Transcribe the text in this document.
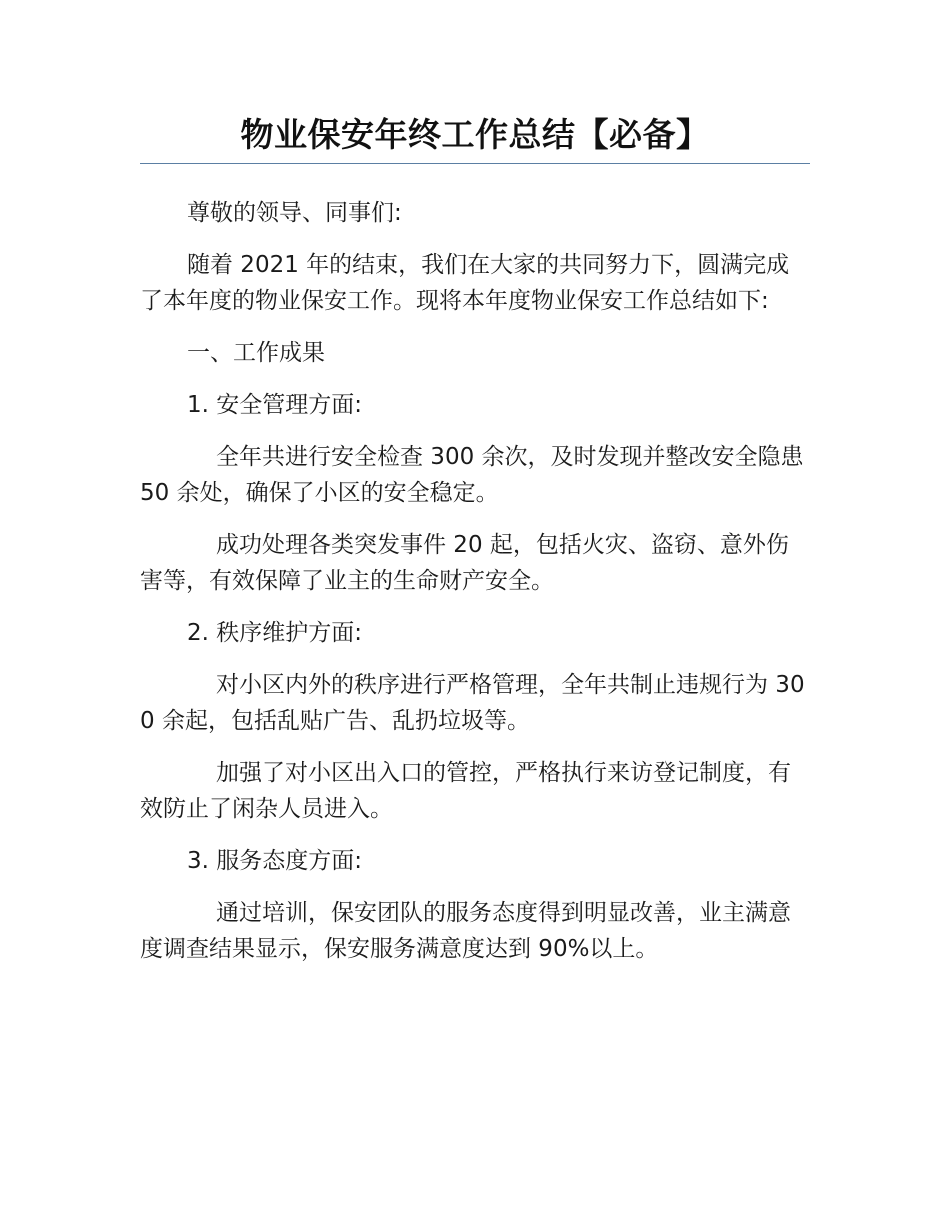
物业保安年终工作总结【必备】

尊敬的领导、同事们:

随着 2021 年的结束，我们在大家的共同努力下，圆满完成了本年度的物业保安工作。现将本年度物业保安工作总结如下:

一、工作成果

1. 安全管理方面:

全年共进行安全检查 300 余次，及时发现并整改安全隐患 50 余处，确保了小区的安全稳定。

成功处理各类突发事件 20 起，包括火灾、盗窃、意外伤害等，有效保障了业主的生命财产安全。

2. 秩序维护方面:

对小区内外的秩序进行严格管理，全年共制止违规行为 300 余起，包括乱贴广告、乱扔垃圾等。

加强了对小区出入口的管控，严格执行来访登记制度，有效防止了闲杂人员进入。

3. 服务态度方面:

通过培训，保安团队的服务态度得到明显改善，业主满意度调查结果显示，保安服务满意度达到 90%以上。
